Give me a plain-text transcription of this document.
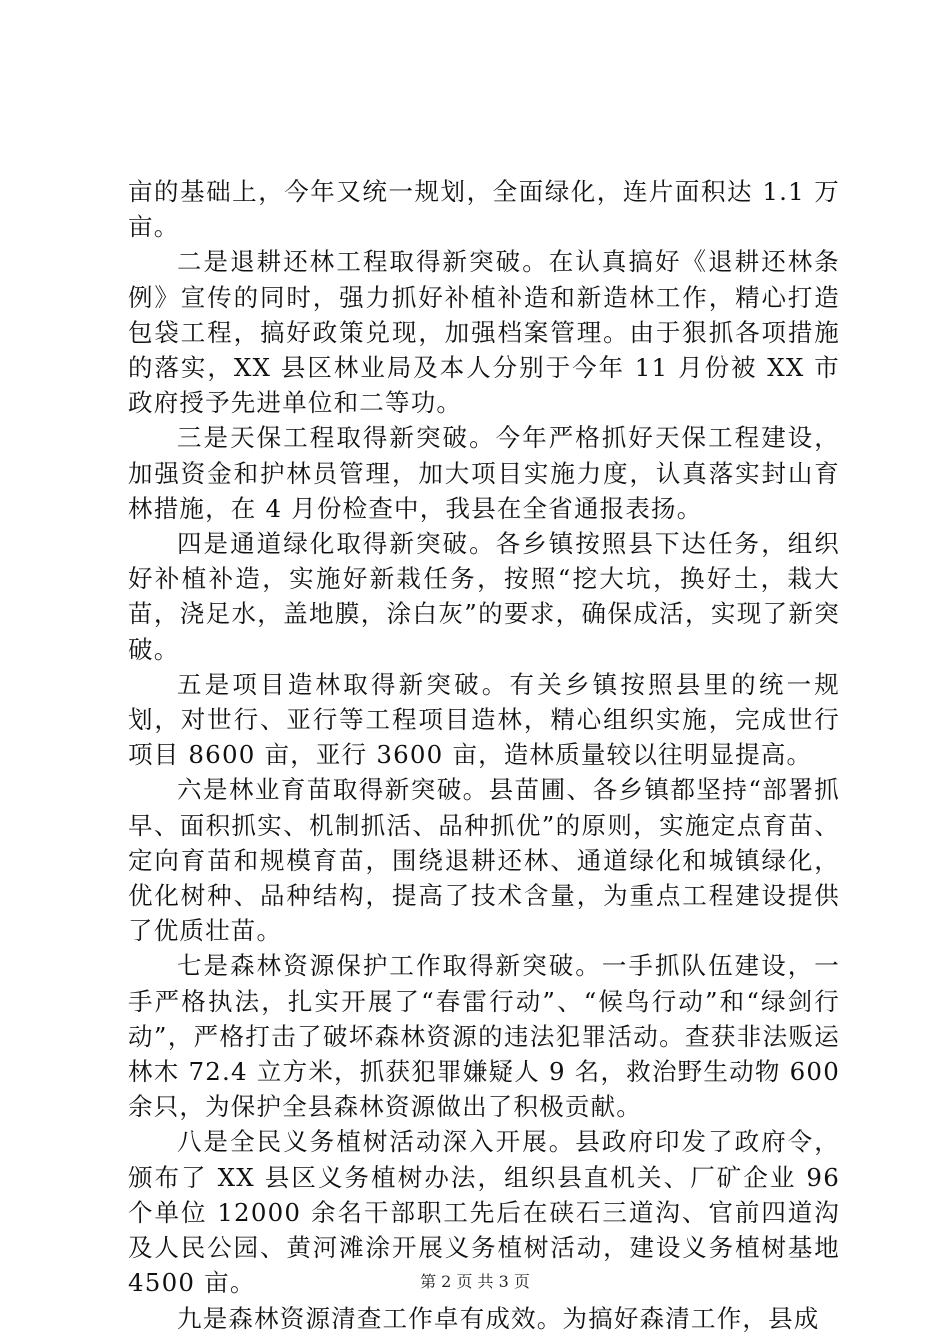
亩的基础上，今年又统一规划，全面绿化，连片面积达 1.1 万亩。

二是退耕还林工程取得新突破。在认真搞好《退耕还林条例》宣传的同时，强力抓好补植补造和新造林工作，精心打造包袋工程，搞好政策兑现，加强档案管理。由于狠抓各项措施的落实，XX 县区林业局及本人分别于今年 11 月份被 XX 市政府授予先进单位和二等功。

三是天保工程取得新突破。今年严格抓好天保工程建设，加强资金和护林员管理，加大项目实施力度，认真落实封山育林措施，在 4 月份检查中，我县在全省通报表扬。

四是通道绿化取得新突破。各乡镇按照县下达任务，组织好补植补造，实施好新栽任务，按照“挖大坑，换好土，栽大苗，浇足水，盖地膜，涂白灰”的要求，确保成活，实现了新突破。

五是项目造林取得新突破。有关乡镇按照县里的统一规划，对世行、亚行等工程项目造林，精心组织实施，完成世行项目 8600 亩，亚行 3600 亩，造林质量较以往明显提高。

六是林业育苗取得新突破。县苗圃、各乡镇都坚持“部署抓早、面积抓实、机制抓活、品种抓优”的原则，实施定点育苗、定向育苗和规模育苗，围绕退耕还林、通道绿化和城镇绿化，优化树种、品种结构，提高了技术含量，为重点工程建设提供了优质壮苗。

七是森林资源保护工作取得新突破。一手抓队伍建设，一手严格执法，扎实开展了“春雷行动”、“候鸟行动”和“绿剑行动”，严格打击了破坏森林资源的违法犯罪活动。查获非法贩运林木 72.4 立方米，抓获犯罪嫌疑人 9 名，救治野生动物 600 余只，为保护全县森林资源做出了积极贡献。

八是全民义务植树活动深入开展。县政府印发了政府令，颁布了 XX 县区义务植树办法，组织县直机关、厂矿企业 96 个单位 12000 余名干部职工先后在硖石三道沟、官前四道沟及人民公园、黄河滩涂开展义务植树活动，建设义务植树基地 4500 亩。

九是森林资源清查工作卓有成效。为搞好森清工作，县成

第 2 页 共 3 页
